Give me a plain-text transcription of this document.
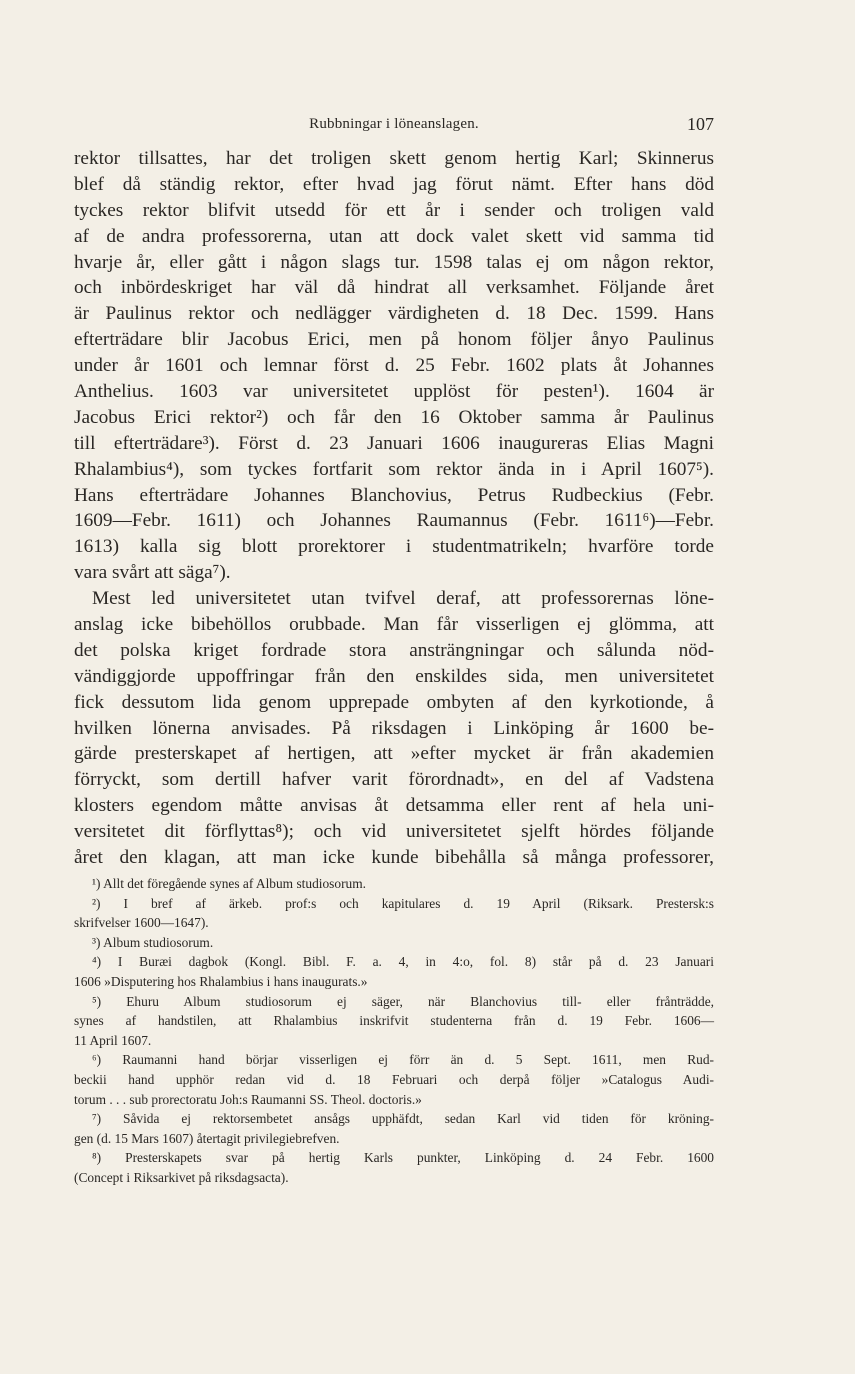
Rubbningar i löneanslagen.	107
rektor tillsattes, har det troligen skett genom hertig Karl; Skinnerus
blef då ständig rektor, efter hvad jag förut nämt. Efter hans död
tyckes rektor blifvit utsedd för ett år i sender och troligen vald
af de andra professorerna, utan att dock valet skett vid samma tid
hvarje år, eller gått i någon slags tur. 1598 talas ej om någon rektor,
och inbördeskriget har väl då hindrat all verksamhet. Följande året
är Paulinus rektor och nedlägger värdigheten d. 18 Dec. 1599. Hans
efterträdare blir Jacobus Erici, men på honom följer ånyo Paulinus
under år 1601 och lemnar först d. 25 Febr. 1602 plats åt Johannes
Anthelius. 1603 var universitetet upplöst för pesten¹). 1604 är
Jacobus Erici rektor²) och får den 16 Oktober samma år Paulinus
till efterträdare³). Först d. 23 Januari 1606 inaugureras Elias Magni
Rhalambius⁴), som tyckes fortfarit som rektor ända in i April 1607⁵).
Hans efterträdare Johannes Blanchovius, Petrus Rudbeckius (Febr.
1609—Febr. 1611) och Johannes Raumannus (Febr. 1611⁶)—Febr.
1613) kalla sig blott prorektorer i studentmatrikeln; hvarföre torde
vara svårt att säga⁷).
Mest led universitetet utan tvifvel deraf, att professorernas löne-
anslag icke bibehöllos orubbade. Man får visserligen ej glömma, att
det polska kriget fordrade stora ansträngningar och sålunda nöd-
vändiggjorde uppoffringar från den enskildes sida, men universitetet
fick dessutom lida genom upprepade ombyten af den kyrkotionde, å
hvilken lönerna anvisades. På riksdagen i Linköping år 1600 be-
gärde presterskapet af hertigen, att »efter mycket är från akademien
förryckt, som dertill hafver varit förordnadt», en del af Vadstena
klosters egendom måtte anvisas åt detsamma eller rent af hela uni-
versitetet dit förflyttas⁸); och vid universitetet sjelft hördes följande
året den klagan, att man icke kunde bibehålla så många professorer,
¹) Allt det föregående synes af Album studiosorum.
²) I bref af ärkeb. prof:s och kapitulares d. 19 April (Riksark. Prestersk:s
skrifvelser 1600—1647).
³) Album studiosorum.
⁴) I Buræi dagbok (Kongl. Bibl. F. a. 4, in 4:o, fol. 8) står på d. 23 Januari
1606 »Disputering hos Rhalambius i hans inaugurats.»
⁵) Ehuru Album studiosorum ej säger, när Blanchovius till- eller frånträdde,
synes af handstilen, att Rhalambius inskrifvit studenterna från d. 19 Febr. 1606—
11 April 1607.
⁶) Raumanni hand börjar visserligen ej förr än d. 5 Sept. 1611, men Rud-
beckii hand upphör redan vid d. 18 Februari och derpå följer »Catalogus Audi-
torum . . . sub prorectoratu Joh:s Raumanni SS. Theol. doctoris.»
⁷) Såvida ej rektorsembetet ansågs upphäfdt, sedan Karl vid tiden för kröning-
gen (d. 15 Mars 1607) återtagit privilegiebrefven.
⁸) Presterskapets svar på hertig Karls punkter, Linköping d. 24 Febr. 1600
(Concept i Riksarkivet på riksdagsacta).
